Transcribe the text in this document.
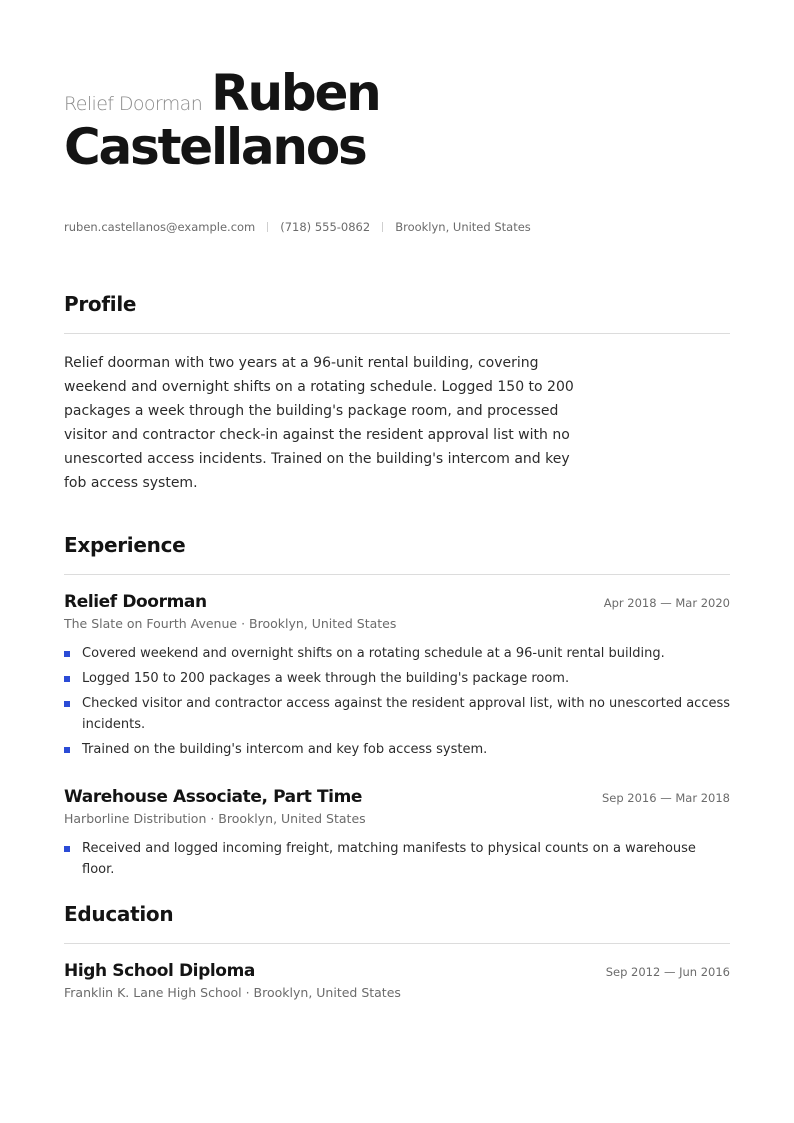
Relief Doorman Ruben
Castellanos
ruben.castellanos@example.com (718) 555-0862 Brooklyn, United States
Profile
Relief doorman with two years at a 96-unit rental building, covering weekend and overnight shifts on a rotating schedule. Logged 150 to 200 packages a week through the building's package room, and processed visitor and contractor check-in against the resident approval list with no unescorted access incidents. Trained on the building's intercom and key fob access system.
Experience
Relief Doorman	Apr 2018 — Mar 2020
The Slate on Fourth Avenue · Brooklyn, United States
Covered weekend and overnight shifts on a rotating schedule at a 96-unit rental building.
Logged 150 to 200 packages a week through the building's package room.
Checked visitor and contractor access against the resident approval list, with no unescorted access incidents.
Trained on the building's intercom and key fob access system.
Warehouse Associate, Part Time	Sep 2016 — Mar 2018
Harborline Distribution · Brooklyn, United States
Received and logged incoming freight, matching manifests to physical counts on a warehouse floor.
Education
High School Diploma	Sep 2012 — Jun 2016
Franklin K. Lane High School · Brooklyn, United States
